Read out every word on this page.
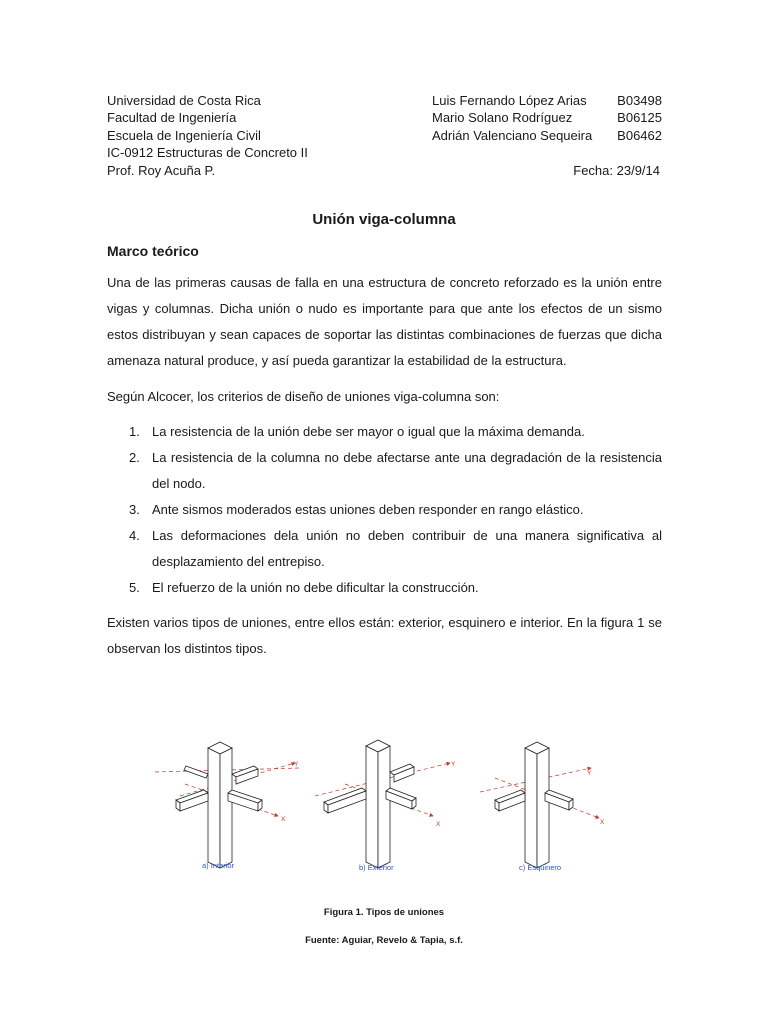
Universidad de Costa Rica
Facultad de Ingeniería
Escuela de Ingeniería Civil
IC-0912 Estructuras de Concreto II
Prof. Roy Acuña P.
Luis Fernando López Arias B03498
Mario Solano Rodríguez	B06125
Adrián Valenciano Sequeira B06462
Fecha: 23/9/14
Unión viga-columna
Marco teórico
Una de las primeras causas de falla en una estructura de concreto reforzado es la unión entre vigas y columnas. Dicha unión o nudo es importante para que ante los efectos de un sismo estos distribuyan y sean capaces de soportar las distintas combinaciones de fuerzas que dicha amenaza natural produce, y así pueda garantizar la estabilidad de la estructura.
Según Alcocer, los criterios de diseño de uniones viga-columna son:
1. La resistencia de la unión debe ser mayor o igual que la máxima demanda.
2. La resistencia de la columna no debe afectarse ante una degradación de la resistencia del nodo.
3. Ante sismos moderados estas uniones deben responder en rango elástico.
4. Las deformaciones dela unión no deben contribuir de una manera significativa al desplazamiento del entrepiso.
5. El refuerzo de la unión no debe dificultar la construcción.
Existen varios tipos de uniones, entre ellos están: exterior, esquinero e interior. En la figura 1 se observan los distintos tipos.
Y
X
a) Interior
Y
X
b) Exterior
Y
X
c) Esquinero
Figura 1. Tipos de uniones
Fuente: Aguiar, Revelo & Tapia, s.f.
